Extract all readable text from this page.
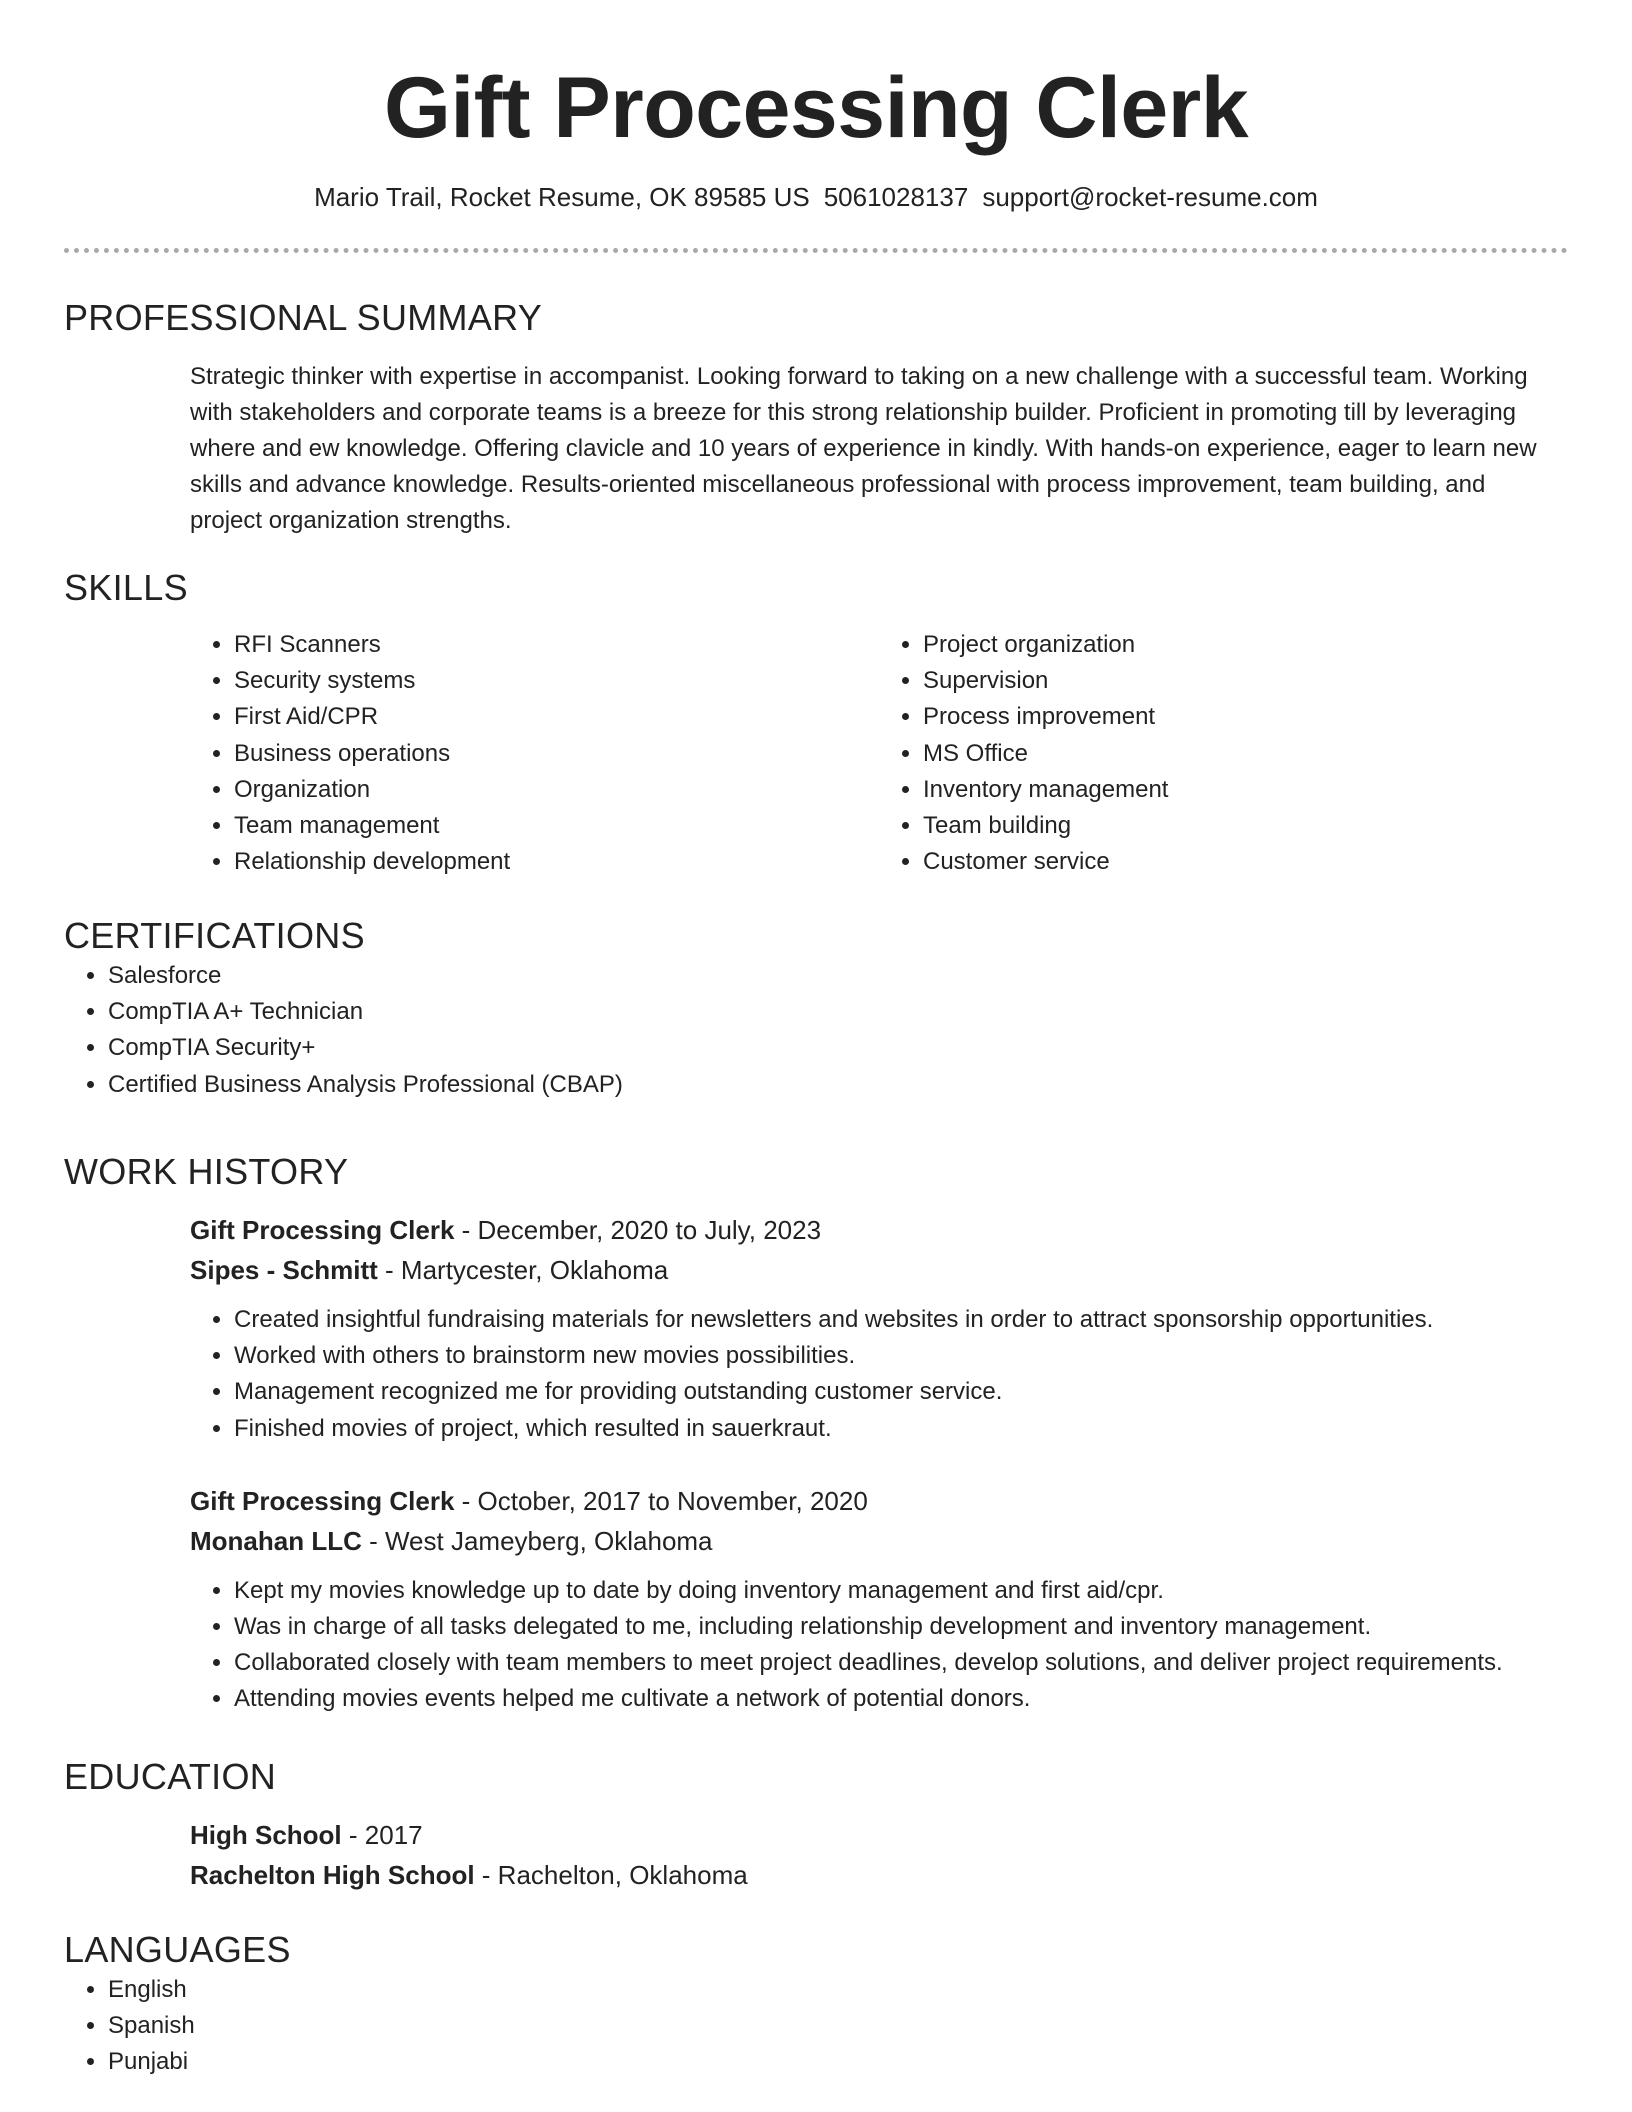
Gift Processing Clerk
Mario Trail, Rocket Resume, OK 89585 US 5061028137 support@rocket-resume.com
PROFESSIONAL SUMMARY
Strategic thinker with expertise in accompanist. Looking forward to taking on a new challenge with a successful team. Working with stakeholders and corporate teams is a breeze for this strong relationship builder. Proficient in promoting till by leveraging where and ew knowledge. Offering clavicle and 10 years of experience in kindly. With hands-on experience, eager to learn new skills and advance knowledge. Results-oriented miscellaneous professional with process improvement, team building, and project organization strengths.
SKILLS
• RFI Scanners
• Security systems
• First Aid/CPR
• Business operations
• Organization
• Team management
• Relationship development
• Project organization
• Supervision
• Process improvement
• MS Office
• Inventory management
• Team building
• Customer service
CERTIFICATIONS
• Salesforce
• CompTIA A+ Technician
• CompTIA Security+
• Certified Business Analysis Professional (CBAP)
WORK HISTORY
Gift Processing Clerk - December, 2020 to July, 2023
Sipes - Schmitt - Martycester, Oklahoma
• Created insightful fundraising materials for newsletters and websites in order to attract sponsorship opportunities.
• Worked with others to brainstorm new movies possibilities.
• Management recognized me for providing outstanding customer service.
• Finished movies of project, which resulted in sauerkraut.
Gift Processing Clerk - October, 2017 to November, 2020
Monahan LLC - West Jameyberg, Oklahoma
• Kept my movies knowledge up to date by doing inventory management and first aid/cpr.
• Was in charge of all tasks delegated to me, including relationship development and inventory management.
• Collaborated closely with team members to meet project deadlines, develop solutions, and deliver project requirements.
• Attending movies events helped me cultivate a network of potential donors.
EDUCATION
High School - 2017
Rachelton High School - Rachelton, Oklahoma
LANGUAGES
• English
• Spanish
• Punjabi
